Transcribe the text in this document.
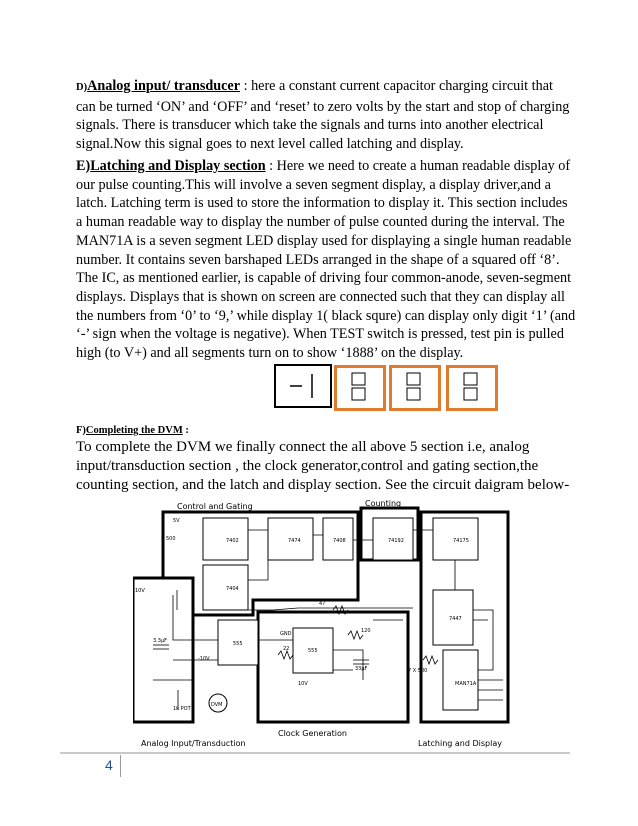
D)Analog input/ transducer : here a constant current capacitor charging circuit that can be turned ‘ON’ and ‘OFF’ and ‘reset’ to zero volts by the start and stop of charging signals. There is transducer which take the signals and turns into another electrical signal.Now this signal goes to next level called latching and display.

E)Latching and Display section : Here we need to create a human readable display of our pulse counting.This will involve a seven segment display, a display driver,and a latch. Latching term is used to store the information to display it. This section includes a human readable way to display the number of pulse counted during the interval. The MAN71A is a seven segment LED display used for displaying a single human readable number. It contains seven barshaped LEDs arranged in the shape of a squared off ‘8’. The IC, as mentioned earlier, is capable of driving four common-anode, seven-segment displays. Displays that is shown on screen are connected such that they can display all the numbers from ‘0’ to ‘9,’ while display 1( black squre) can display only digit ‘1’ (and ‘-’ sign when the voltage is negative). When TEST switch is pressed, test pin is pulled high (to V+) and all segments turn on to show ‘1888’ on the display.

F)Completing the DVM :

To complete the DVM we finally connect the all above 5 section i.e, analog input/transduction section , the clock generator,control and gating section,the counting section, and the latch and display section. See the circuit daigram below-

7402	7474	7408	74192	74175
7404
555
555
7447
MAN71A
DVM
5V
500
10V
3.3μF
-10V
1k POT
47
22
10V
120
33μF	7 X 500
GND
Control and Gating	Counting
Clock Generation
Analog Input/Transduction	Latching and Display
4
